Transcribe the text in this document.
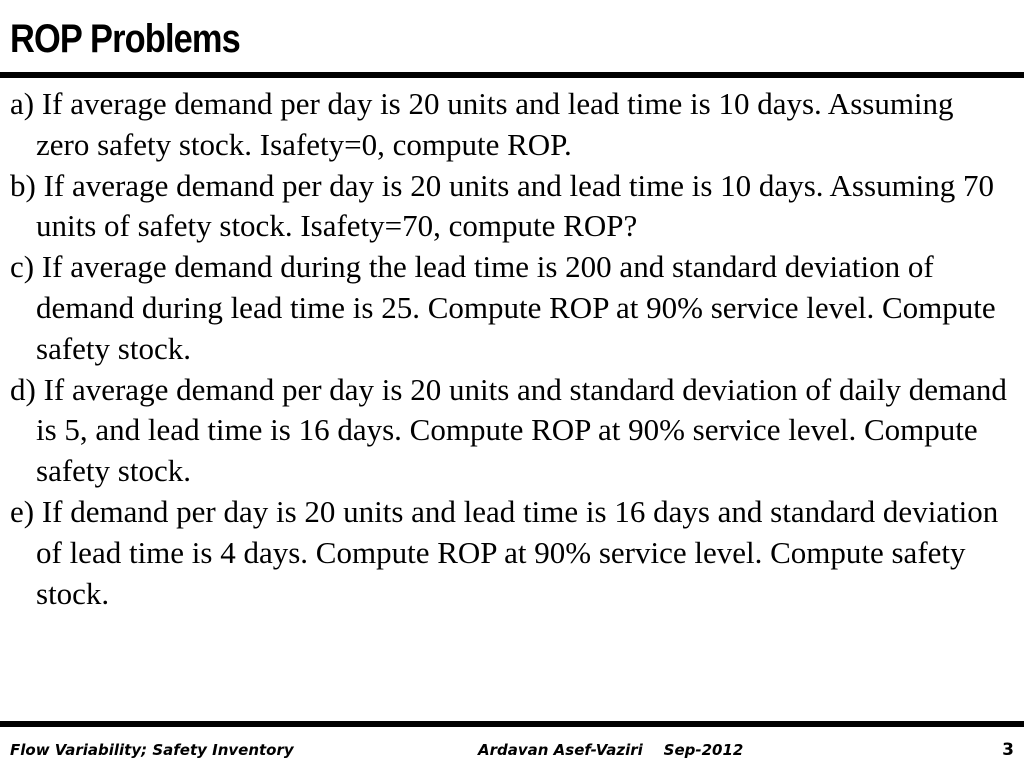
ROP Problems
a) If average demand per day is 20 units and lead time is 10 days. Assuming zero safety stock. Isafety=0, compute ROP.
b) If average demand per day is 20 units and lead time is 10 days. Assuming 70 units of safety stock. Isafety=70, compute ROP?
c) If average demand during the lead time is 200 and standard deviation of demand during lead time is 25. Compute ROP at 90% service level. Compute safety stock.
d) If average demand per day is 20 units and standard deviation of daily demand is 5, and lead time is 16 days. Compute ROP at 90% service level. Compute safety stock.
e) If demand per day is 20 units and lead time is 16 days and standard deviation of lead time is 4 days. Compute ROP at 90% service level. Compute safety stock.
Flow Variability; Safety Inventory	Ardavan Asef-Vaziri    Sep-2012	3
